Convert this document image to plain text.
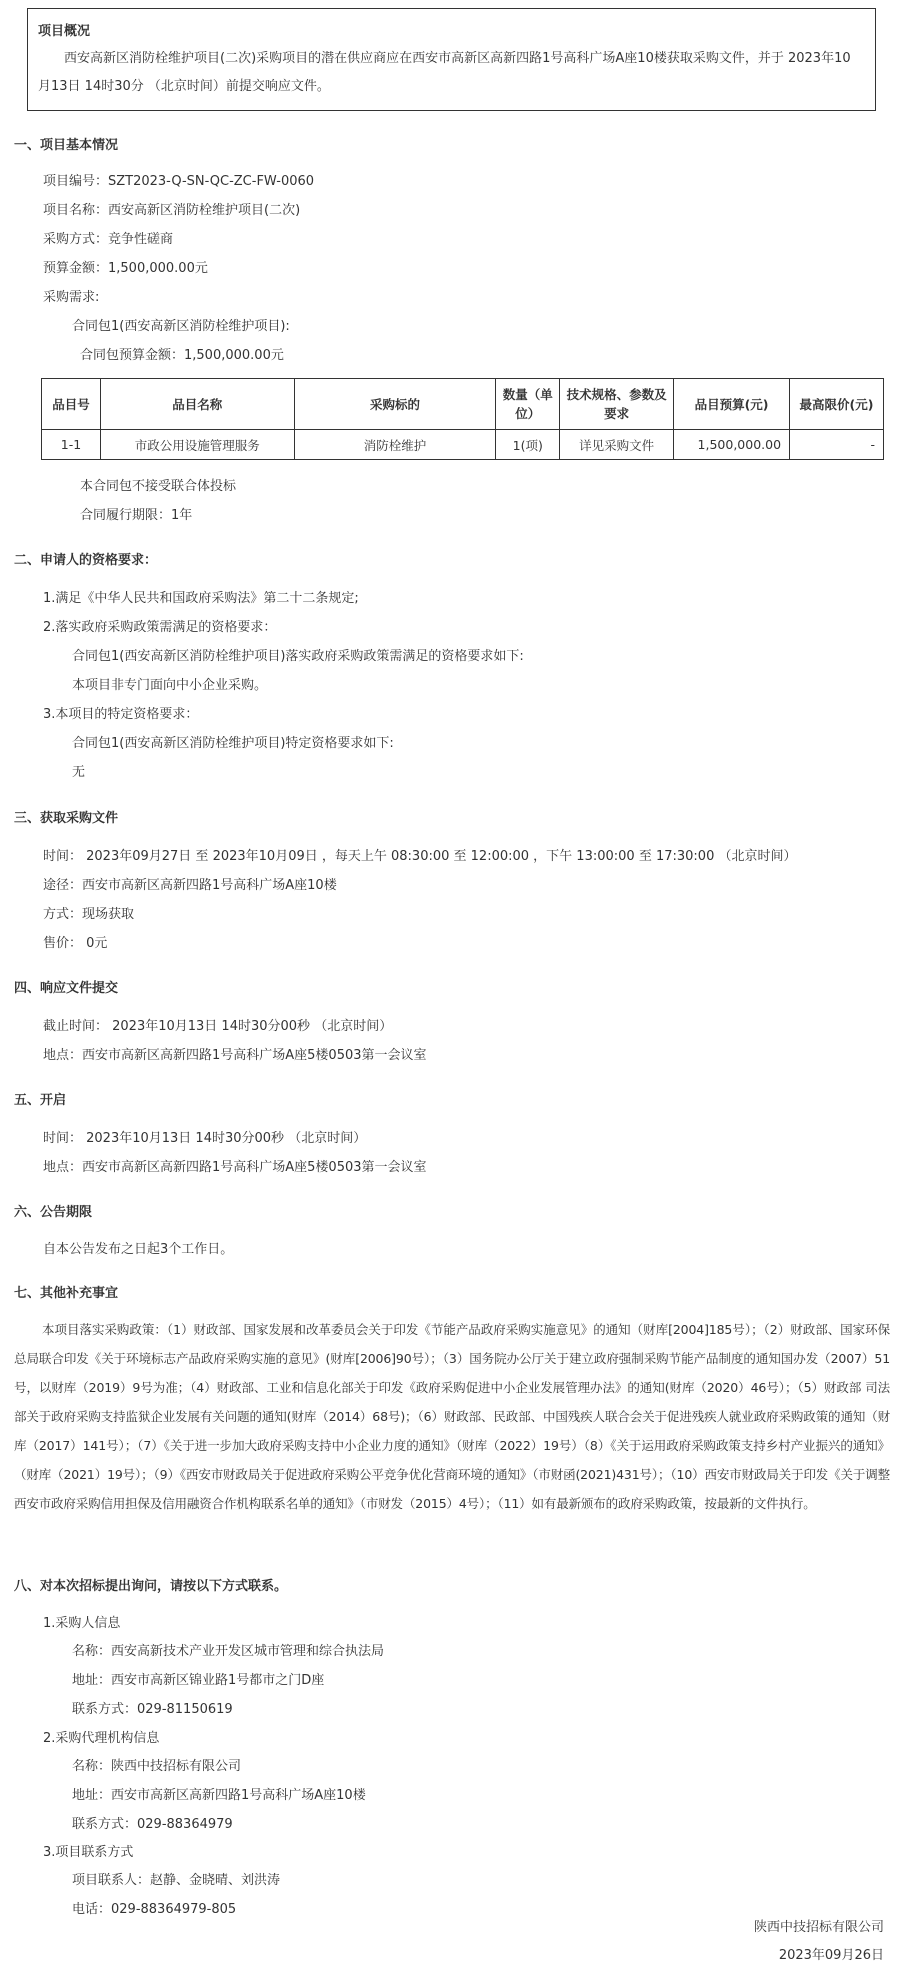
项目概况
西安高新区消防栓维护项目(二次)采购项目的潜在供应商应在西安市高新区高新四路1号高科广场A座10楼获取采购文件，并于 2023年10月13日 14时30分 （北京时间）前提交响应文件。
一、项目基本情况
项目编号：SZT2023-Q-SN-QC-ZC-FW-0060
项目名称：西安高新区消防栓维护项目(二次)
采购方式：竞争性磋商
预算金额：1,500,000.00元
采购需求:
合同包1(西安高新区消防栓维护项目):
合同包预算金额：1,500,000.00元
品目号	品目名称	采购标的	数量（单位）	技术规格、参数及要求	品目预算(元)	最高限价(元)
1-1	市政公用设施管理服务	消防栓维护	1(项)	详见采购文件	1,500,000.00	-
本合同包不接受联合体投标
合同履行期限：1年
二、申请人的资格要求：
1.满足《中华人民共和国政府采购法》第二十二条规定;
2.落实政府采购政策需满足的资格要求：
合同包1(西安高新区消防栓维护项目)落实政府采购政策需满足的资格要求如下:
本项目非专门面向中小企业采购。
3.本项目的特定资格要求：
合同包1(西安高新区消防栓维护项目)特定资格要求如下:
无
三、获取采购文件
时间： 2023年09月27日 至 2023年10月09日 ，每天上午 08:30:00 至 12:00:00 ，下午 13:00:00 至 17:30:00 （北京时间）
途径：西安市高新区高新四路1号高科广场A座10楼
方式：现场获取
售价： 0元
四、响应文件提交
截止时间： 2023年10月13日 14时30分00秒 （北京时间）
地点：西安市高新区高新四路1号高科广场A座5楼0503第一会议室
五、开启
时间： 2023年10月13日 14时30分00秒 （北京时间）
地点：西安市高新区高新四路1号高科广场A座5楼0503第一会议室
六、公告期限
自本公告发布之日起3个工作日。
七、其他补充事宜
本项目落实采购政策：（1）财政部、国家发展和改革委员会关于印发《节能产品政府采购实施意见》的通知（财库[2004]185号）；（2）财政部、国家环保总局联合印发《关于环境标志产品政府采购实施的意见》(财库[2006]90号）；（3）国务院办公厅关于建立政府强制采购节能产品制度的通知国办发（2007）51号，以财库（2019）9号为准；（4）财政部、工业和信息化部关于印发《政府采购促进中小企业发展管理办法》的通知(财库（2020）46号）；（5）财政部 司法部关于政府采购支持监狱企业发展有关问题的通知(财库（2014）68号)；（6）财政部、民政部、中国残疾人联合会关于促进残疾人就业政府采购政策的通知（财库（2017）141号）；（7）《关于进一步加大政府采购支持中小企业力度的通知》（财库（2022）19号）（8）《关于运用政府采购政策支持乡村产业振兴的通知》（财库（2021）19号）；（9）《西安市财政局关于促进政府采购公平竞争优化营商环境的通知》（市财函(2021)431号）；（10）西安市财政局关于印发《关于调整西安市政府采购信用担保及信用融资合作机构联系名单的通知》（市财发（2015）4号）；（11）如有最新颁布的政府采购政策，按最新的文件执行。
八、对本次招标提出询问，请按以下方式联系。
1.采购人信息
名称：西安高新技术产业开发区城市管理和综合执法局
地址：西安市高新区锦业路1号都市之门D座
联系方式：029-81150619
2.采购代理机构信息
名称：陕西中技招标有限公司
地址：西安市高新区高新四路1号高科广场A座10楼
联系方式：029-88364979
3.项目联系方式
项目联系人：赵静、金晓晴、刘洪涛
电话：029-88364979-805
陕西中技招标有限公司
2023年09月26日
